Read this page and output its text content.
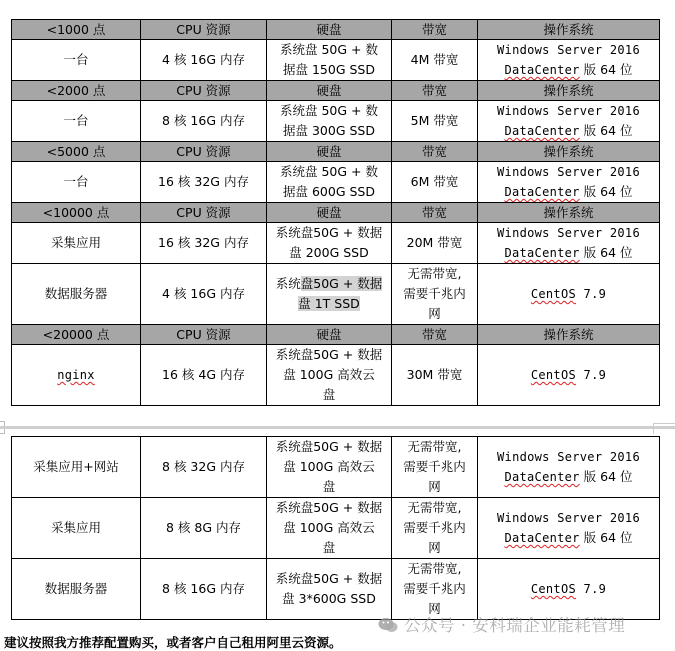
<1000 点	CPU 资源	硬盘	带宽	操作系统
一台	4 核 16G 内存	系统盘 50G + 数
据盘 150G SSD	4M 带宽	Windows Server 2016
DataCenter 版 64 位
<2000 点	CPU 资源	硬盘	带宽	操作系统
一台	8 核 16G 内存	系统盘 50G + 数
据盘 300G SSD	5M 带宽	Windows Server 2016
DataCenter 版 64 位
<5000 点	CPU 资源	硬盘	带宽	操作系统
一台	16 核 32G 内存	系统盘 50G + 数
据盘 600G SSD	6M 带宽	Windows Server 2016
DataCenter 版 64 位
<10000 点	CPU 资源	硬盘	带宽	操作系统
采集应用	16 核 32G 内存	系统盘50G + 数据
盘 200G SSD	20M 带宽	Windows Server 2016
DataCenter 版 64 位
数据服务器	4 核 16G 内存	系统盘50G + 数据
盘 1T SSD	无需带宽,
需要千兆内
网	CentOS 7.9
<20000 点	CPU 资源	硬盘	带宽	操作系统
nginx	16 核 4G 内存	系统盘50G + 数据
盘 100G 高效云
盘	30M 带宽	CentOS 7.9
采集应用+网站	8 核 32G 内存	系统盘50G + 数据
盘 100G 高效云
盘	无需带宽,
需要千兆内
网	Windows Server 2016
DataCenter 版 64 位
采集应用	8 核 8G 内存	系统盘50G + 数据
盘 100G 高效云
盘	无需带宽,
需要千兆内
网	Windows Server 2016
DataCenter 版 64 位
数据服务器	8 核 16G 内存	系统盘50G + 数据
盘 3*600G SSD	无需带宽,
需要千兆内
网	CentOS 7.9
公众号 · 安科瑞企业能耗管理
建议按照我方推荐配置购买，或者客户自己租用阿里云资源。
